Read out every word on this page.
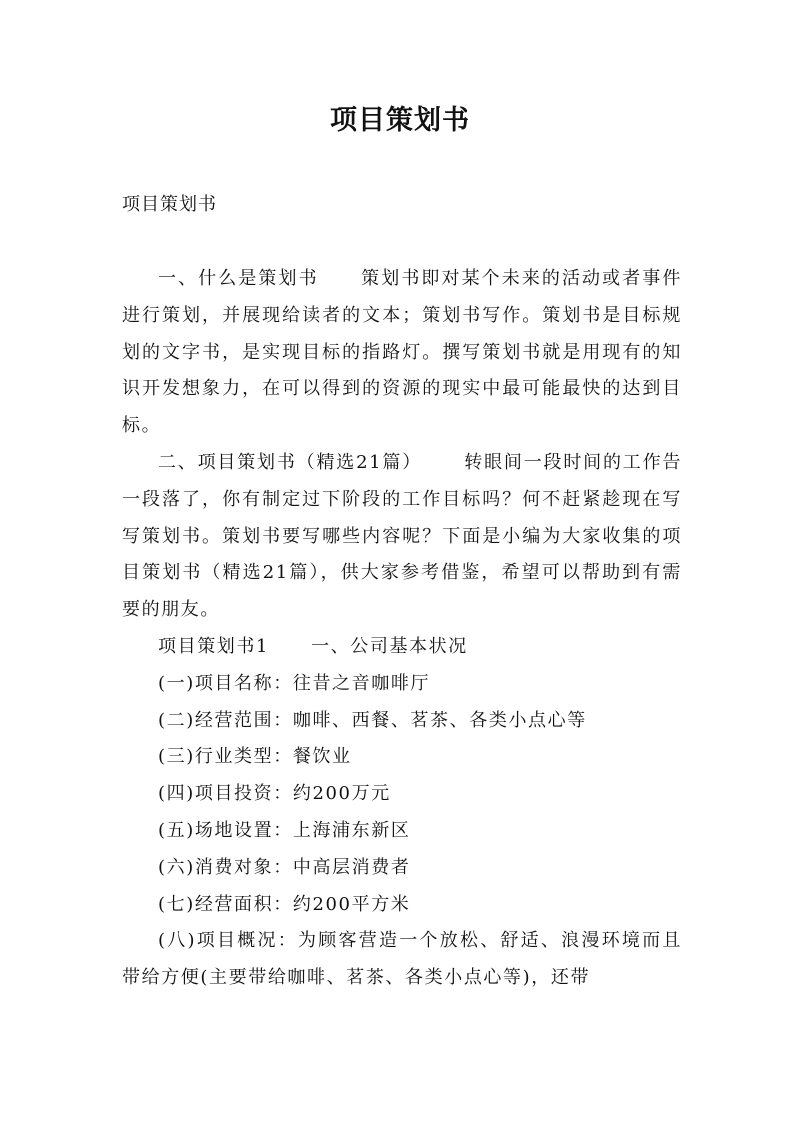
项目策划书
项目策划书

一、什么是策划书 策划书即对某个未来的活动或者事件进行策划，并展现给读者的文本；策划书写作。策划书是目标规划的文字书，是实现目标的指路灯。撰写策划书就是用现有的知识开发想象力，在可以得到的资源的现实中最可能最快的达到目标。

二、项目策划书（精选21篇） 转眼间一段时间的工作告一段落了，你有制定过下阶段的工作目标吗？何不赶紧趁现在写写策划书。策划书要写哪些内容呢？下面是小编为大家收集的项目策划书（精选21篇），供大家参考借鉴，希望可以帮助到有需要的朋友。

项目策划书1 一、公司基本状况

(一)项目名称：往昔之音咖啡厅

(二)经营范围：咖啡、西餐、茗茶、各类小点心等

(三)行业类型：餐饮业

(四)项目投资：约200万元

(五)场地设置：上海浦东新区

(六)消费对象：中高层消费者

(七)经营面积：约200平方米

(八)项目概况：为顾客营造一个放松、舒适、浪漫环境而且带给方便(主要带给咖啡、茗茶、各类小点心等)，还带
